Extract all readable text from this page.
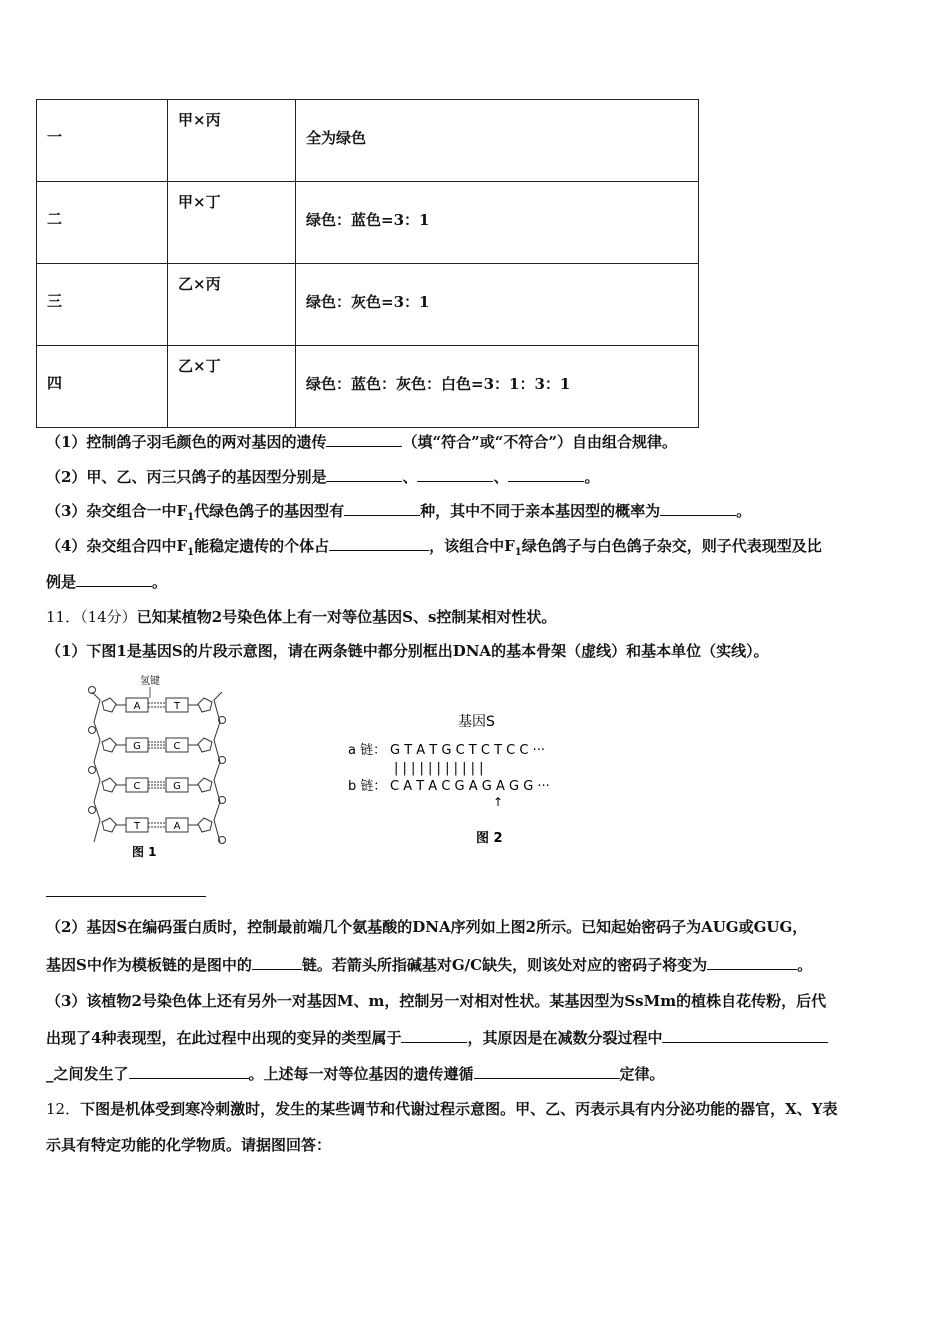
一	甲×丙	全为绿色

二	甲×丁	绿色：蓝色=3：1

三	乙×丙	绿色：灰色=3：1

四	乙×丁	绿色：蓝色：灰色：白色=3：1：3：1
（1）控制鸽子羽毛颜色的两对基因的遗传	（填“符合”或“不符合”）自由组合规律。
（2）甲、乙、丙三只鸽子的基因型分别是	、	、	。
（3）杂交组合一中$F_1$代绿色鸽子的基因型有	种，其中不同于亲本基因型的概率为	。
（4）杂交组合四中$F_1$能稳定遗传的个体占	，该组合中$F_1$绿色鸽子与白色鸽子杂交，则子代表现型及比
例是	。
11．（14分）已知某植物2号染色体上有一对等位基因S、s控制某相对性状。
（1）下图1是基因S的片段示意图，请在两条链中都分别框出DNA的基本骨架（虚线）和基本单位（实线）。
氢键
A	T
G	C
C	G
T	A
图 1
基因S
a 链： G T A T G C T C T C C ···
| | | | | | | | | | |
b 链： C A T A C G A G A G G ···
↑
图 2
（2）基因S在编码蛋白质时，控制最前端几个氨基酸的DNA序列如上图2所示。已知起始密码子为AUG或GUG，
基因S中作为模板链的是图中的	链。若箭头所指碱基对G/C缺失，则该处对应的密码子将变为	。
（3）该植物2号染色体上还有另外一对基因M、m，控制另一对相对性状。某基因型为SsMm的植株自花传粉，后代
出现了4种表现型，在此过程中出现的变异的类型属于	，其原因是在减数分裂过程中
_之间发生了	。上述每一对等位基因的遗传遵循	定律。
12．下图是机体受到寒冷刺激时，发生的某些调节和代谢过程示意图。甲、乙、丙表示具有内分泌功能的器官，X、Y表
示具有特定功能的化学物质。请据图回答：
